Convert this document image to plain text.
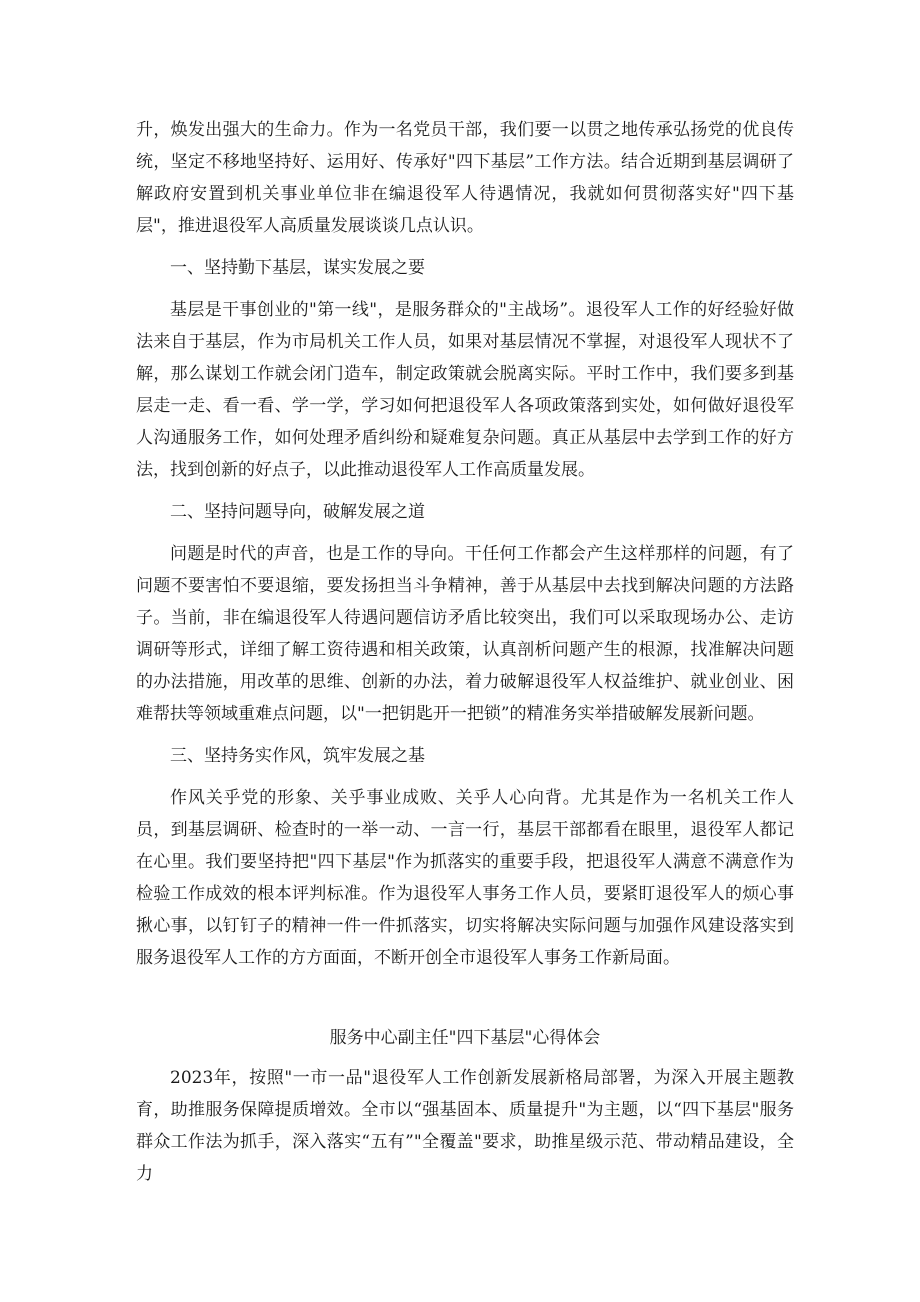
升，焕发出强大的生命力。作为一名党员干部，我们要一以贯之地传承弘扬党的优良传统，坚定不移地坚持好、运用好、传承好"四下基层”工作方法。结合近期到基层调研了解政府安置到机关事业单位非在编退役军人待遇情况，我就如何贯彻落实好"四下基层"，推进退役军人高质量发展谈谈几点认识。

一、坚持勤下基层，谋实发展之要

基层是干事创业的"第一线"，是服务群众的"主战场”。退役军人工作的好经验好做法来自于基层，作为市局机关工作人员，如果对基层情况不掌握，对退役军人现状不了解，那么谋划工作就会闭门造车，制定政策就会脱离实际。平时工作中，我们要多到基层走一走、看一看、学一学，学习如何把退役军人各项政策落到实处，如何做好退役军人沟通服务工作，如何处理矛盾纠纷和疑难复杂问题。真正从基层中去学到工作的好方法，找到创新的好点子，以此推动退役军人工作高质量发展。

二、坚持问题导向，破解发展之道

问题是时代的声音，也是工作的导向。干任何工作都会产生这样那样的问题，有了问题不要害怕不要退缩，要发扬担当斗争精神，善于从基层中去找到解决问题的方法路子。当前，非在编退役军人待遇问题信访矛盾比较突出，我们可以采取现场办公、走访调研等形式，详细了解工资待遇和相关政策，认真剖析问题产生的根源，找准解决问题的办法措施，用改革的思维、创新的办法，着力破解退役军人权益维护、就业创业、困难帮扶等领域重难点问题，以"一把钥匙开一把锁”的精准务实举措破解发展新问题。

三、坚持务实作风，筑牢发展之基

作风关乎党的形象、关乎事业成败、关乎人心向背。尤其是作为一名机关工作人员，到基层调研、检查时的一举一动、一言一行，基层干部都看在眼里，退役军人都记在心里。我们要坚持把"四下基层"作为抓落实的重要手段，把退役军人满意不满意作为检验工作成效的根本评判标准。作为退役军人事务工作人员，要紧盯退役军人的烦心事揪心事，以钉钉子的精神一件一件抓落实，切实将解决实际问题与加强作风建设落实到服务退役军人工作的方方面面，不断开创全市退役军人事务工作新局面。

服务中心副主任"四下基层"心得体会

2023年，按照"一市一品"退役军人工作创新发展新格局部署，为深入开展主题教育，助推服务保障提质增效。全市以“强基固本、质量提升"为主题，以“四下基层"服务群众工作法为抓手，深入落实“五有”"全覆盖"要求，助推星级示范、带动精品建设，全力
